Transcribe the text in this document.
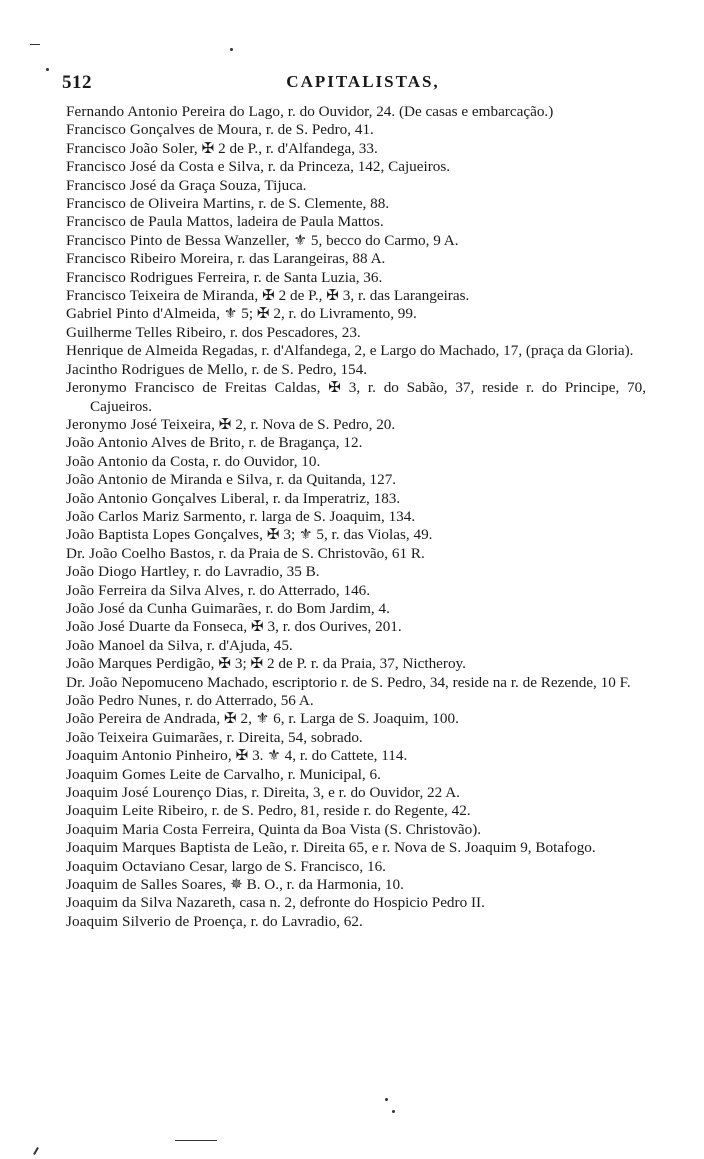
512	CAPITALISTAS,
Fernando Antonio Pereira do Lago, r. do Ouvidor, 24. (De casas e embarcação.)
Francisco Gonçalves de Moura, r. de S. Pedro, 41.
Francisco João Soler, ✠ 2 de P., r. d'Alfandega, 33.
Francisco José da Costa e Silva, r. da Princeza, 142, Cajueiros.
Francisco José da Graça Souza, Tijuca.
Francisco de Oliveira Martins, r. de S. Clemente, 88.
Francisco de Paula Mattos, ladeira de Paula Mattos.
Francisco Pinto de Bessa Wanzeller, ⚜ 5, becco do Carmo, 9 A.
Francisco Ribeiro Moreira, r. das Larangeiras, 88 A.
Francisco Rodrigues Ferreira, r. de Santa Luzia, 36.
Francisco Teixeira de Miranda, ✠ 2 de P., ✠ 3, r. das Larangeiras.
Gabriel Pinto d'Almeida, ⚜ 5; ✠ 2, r. do Livramento, 99.
Guilherme Telles Ribeiro, r. dos Pescadores, 23.
Henrique de Almeida Regadas, r. d'Alfandega, 2, e Largo do Machado, 17, (praça da Gloria).
Jacintho Rodrigues de Mello, r. de S. Pedro, 154.
Jeronymo Francisco de Freitas Caldas, ✠ 3, r. do Sabão, 37, reside r. do Principe, 70, Cajueiros.
Jeronymo José Teixeira, ✠ 2, r. Nova de S. Pedro, 20.
João Antonio Alves de Brito, r. de Bragança, 12.
João Antonio da Costa, r. do Ouvidor, 10.
João Antonio de Miranda e Silva, r. da Quitanda, 127.
João Antonio Gonçalves Liberal, r. da Imperatriz, 183.
João Carlos Mariz Sarmento, r. larga de S. Joaquim, 134.
João Baptista Lopes Gonçalves, ✠ 3; ⚜ 5, r. das Violas, 49.
Dr. João Coelho Bastos, r. da Praia de S. Christovão, 61 R.
João Diogo Hartley, r. do Lavradio, 35 B.
João Ferreira da Silva Alves, r. do Atterrado, 146.
João José da Cunha Guimarães, r. do Bom Jardim, 4.
João José Duarte da Fonseca, ✠ 3, r. dos Ourives, 201.
João Manoel da Silva, r. d'Ajuda, 45.
João Marques Perdigão, ✠ 3; ✠ 2 de P. r. da Praia, 37, Nictheroy.
Dr. João Nepomuceno Machado, escriptorio r. de S. Pedro, 34, reside na r. de Rezende, 10 F.
João Pedro Nunes, r. do Atterrado, 56 A.
João Pereira de Andrada, ✠ 2, ⚜ 6, r. Larga de S. Joaquim, 100.
João Teixeira Guimarães, r. Direita, 54, sobrado.
Joaquim Antonio Pinheiro, ✠ 3. ⚜ 4, r. do Cattete, 114.
Joaquim Gomes Leite de Carvalho, r. Municipal, 6.
Joaquim José Lourenço Dias, r. Direita, 3, e r. do Ouvidor, 22 A.
Joaquim Leite Ribeiro, r. de S. Pedro, 81, reside r. do Regente, 42.
Joaquim Maria Costa Ferreira, Quinta da Boa Vista (S. Christovão).
Joaquim Marques Baptista de Leão, r. Direita 65, e r. Nova de S. Joaquim 9, Botafogo.
Joaquim Octaviano Cesar, largo de S. Francisco, 16.
Joaquim de Salles Soares, ✵ B. O., r. da Harmonia, 10.
Joaquim da Silva Nazareth, casa n. 2, defronte do Hospicio Pedro II.
Joaquim Silverio de Proença, r. do Lavradio, 62.
